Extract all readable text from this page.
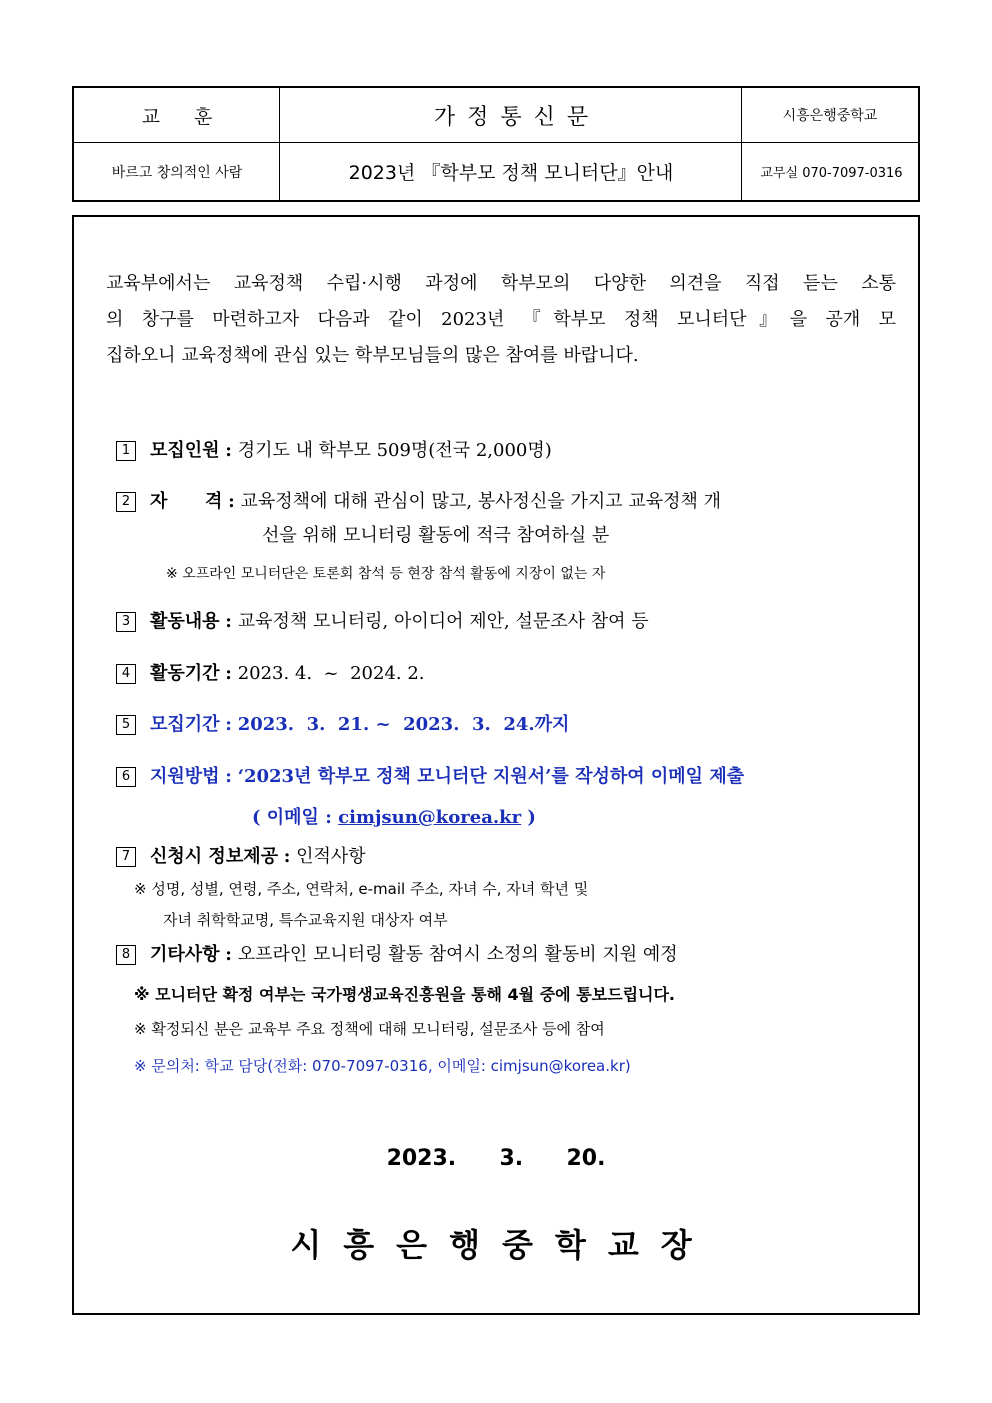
교훈	가정통신문	시흥은행중학교
바르고 창의적인 사람	2023년 『학부모 정책 모니터단』안내	교무실 070-7097-0316
교육부에서는 교육정책 수립·시행 과정에 학부모의 다양한 의견을 직접 듣는 소통
의 창구를 마련하고자 다음과 같이 2023년 『학부모 정책 모니터단』을 공개 모
집하오니 교육정책에 관심 있는 학부모님들의 많은 참여를 바랍니다.
1 모집인원 : 경기도 내 학부모 509명(전국 2,000명)
2 자      격 : 교육정책에 대해 관심이 많고, 봉사정신을 가지고 교육정책 개
선을 위해 모니터링 활동에 적극 참여하실 분
※ 오프라인 모니터단은 토론회 참석 등 현장 참석 활동에 지장이 없는 자
3 활동내용 : 교육정책 모니터링, 아이디어 제안, 설문조사 참여 등
4 활동기간 : 2023. 4.  ~  2024. 2.
5 모집기간 : 2023.  3.  21. ~  2023.  3.  24.까지
6 지원방법 : ‘2023년 학부모 정책 모니터단 지원서’를 작성하여 이메일 제출
( 이메일 : cimjsun@korea.kr )
7 신청시 정보제공 : 인적사항
※ 성명, 성별, 연령, 주소, 연락처, e-mail 주소, 자녀 수, 자녀 학년 및
자녀 취학학교명, 특수교육지원 대상자 여부
8 기타사항 : 오프라인 모니터링 활동 참여시 소정의 활동비 지원 예정
※ 모니터단 확정 여부는 국가평생교육진흥원을 통해 4월 중에 통보드립니다.
※ 확정되신 분은 교육부 주요 정책에 대해 모니터링, 설문조사 등에 참여
※ 문의처: 학교 담당(전화: 070-7097-0316, 이메일: cimjsun@korea.kr)
2023.  3.  20.
시흥은행중학교장
